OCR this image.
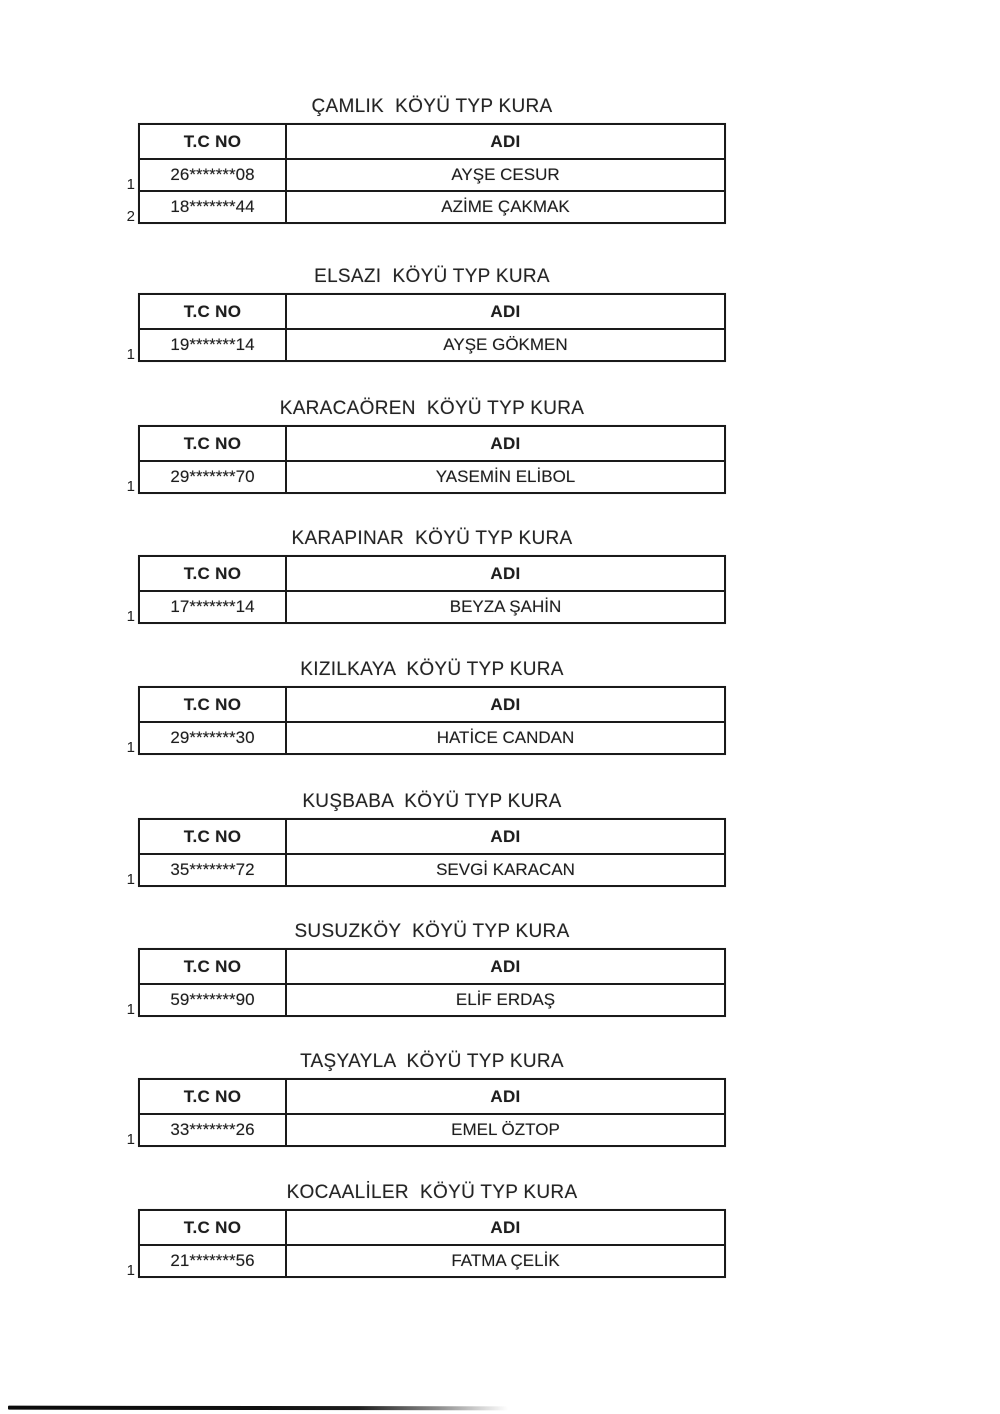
ÇAMLIK  KÖYÜ TYP KURA
T.C NO	ADI
1
26*******08	AYŞE CESUR
2
18*******44	AZİME ÇAKMAK
ELSAZI  KÖYÜ TYP KURA
T.C NO	ADI
1
19*******14	AYŞE GÖKMEN
KARACAÖREN  KÖYÜ TYP KURA
T.C NO	ADI
1
29*******70	YASEMİN ELİBOL
KARAPINAR  KÖYÜ TYP KURA
T.C NO	ADI
1
17*******14	BEYZA ŞAHİN
KIZILKAYA  KÖYÜ TYP KURA
T.C NO	ADI
1
29*******30	HATİCE CANDAN
KUŞBABA  KÖYÜ TYP KURA
T.C NO	ADI
1
35*******72	SEVGİ KARACAN
SUSUZKÖY  KÖYÜ TYP KURA
T.C NO	ADI
1
59*******90	ELİF ERDAŞ
TAŞYAYLA  KÖYÜ TYP KURA
T.C NO	ADI
1
33*******26	EMEL ÖZTOP
KOCAALİLER  KÖYÜ TYP KURA
T.C NO	ADI
1
21*******56	FATMA ÇELİK
